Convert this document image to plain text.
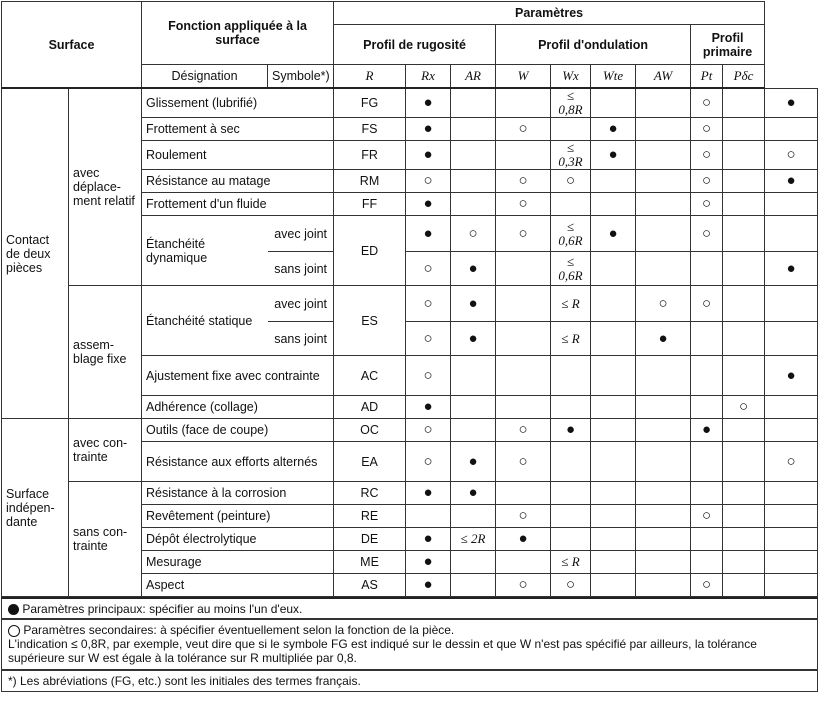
Surface		Fonction appliquée à la surface		Paramètres									
				Profil de rugosité			Profil d'ondulation				Profil primaire		
		Désignation	Symbole*)	R	Rx	AR	W	Wx	Wte	AW	Pt	Pδc	
Contact de deux pièces	avec déplace-ment relatif	Glissement (lubrifié)		FG	●			≤ 0,8R			○		●
		Frottement à sec		FS	●		○		●		○		
		Roulement		FR	●			≤ 0,3R	●		○		○
		Résistance au matage		RM	○		○	○			○		●
		Frottement d'un fluide		FF	●		○				○		
		Étanchéité dynamique	avec joint	ED	●	○	○	≤ 0,6R	●		○		
			sans joint		○	●		≤ 0,6R					●
	assem-blage fixe	Étanchéité statique	avec joint	ES	○	●		≤ R		○	○		
			sans joint		○	●		≤ R		●			
		Ajustement fixe avec contrainte		AC	○								●
		Adhérence (collage)		AD	●							○	
Surface indépen-dante	avec con-trainte	Outils (face de coupe)		OC	○		○	●			●		
		Résistance aux efforts alternés		EA	○	●	○						○
	sans con-trainte	Résistance à la corrosion		RC	●	●							
		Revêtement (peinture)		RE			○				○		
		Dépôt électrolytique		DE	●	≤ 2R	●						
		Mesurage		ME	●			≤ R					
		Aspect		AS	●		○	○			○		
Paramètres principaux: spécifier au moins l'un d'eux.
Paramètres secondaires: à spécifier éventuellement selon la fonction de la pièce.
L'indication ≤ 0,8R, par exemple, veut dire que si le symbole FG est indiqué sur le dessin et que W n'est pas spécifié par ailleurs, la tolérance supérieure sur W est égale à la tolérance sur R multipliée par 0,8.
*) Les abréviations (FG, etc.) sont les initiales des termes français.
